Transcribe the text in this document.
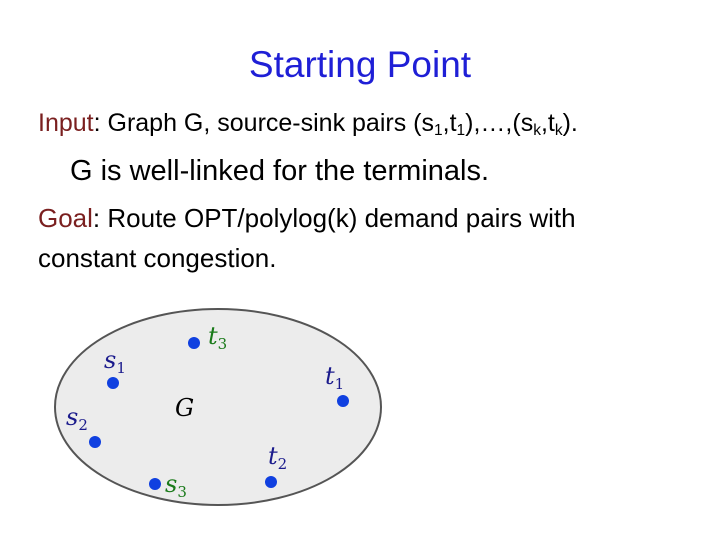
Starting Point
Input: Graph G, source-sink pairs $(s_1,t_1),\dots,(s_k,t_k)$.
G is well-linked for the terminals.
Goal: Route OPT/polylog(k) demand pairs with
constant congestion.
G
$s_1$
$s_2$
$s_3$
$t_1$
$t_2$
$t_3$
